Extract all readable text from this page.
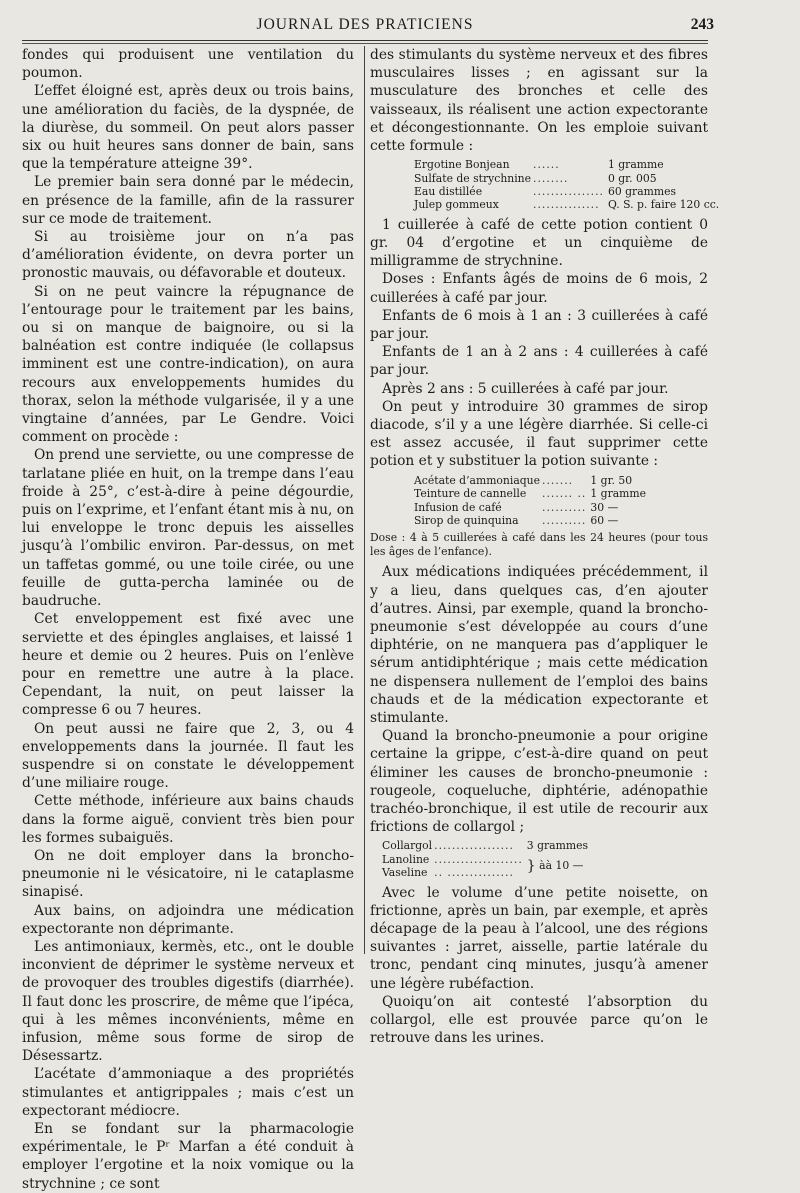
JOURNAL DES PRATICIENS	243

fondes qui produisent une ventilation du poumon.

L’effet éloigné est, après deux ou trois bains, une amélioration du faciès, de la dyspnée, de la diurèse, du sommeil. On peut alors passer six ou huit heures sans donner de bain, sans que la température atteigne 39°.

Le premier bain sera donné par le médecin, en présence de la famille, afin de la rassurer sur ce mode de traitement.

Si au troisième jour on n’a pas d’amélioration évidente, on devra porter un pronostic mauvais, ou défavorable et douteux.

Si on ne peut vaincre la répugnance de l’entourage pour le traitement par les bains, ou si on manque de baignoire, ou si la balnéation est contre indiquée (le collapsus imminent est une contre-indication), on aura recours aux enveloppements humides du thorax, selon la méthode vulgarisée, il y a une vingtaine d’années, par Le Gendre. Voici comment on procède :

On prend une serviette, ou une compresse de tarlatane pliée en huit, on la trempe dans l’eau froide à 25°, c’est-à-dire à peine dégourdie, puis on l’exprime, et l’enfant étant mis à nu, on lui enveloppe le tronc depuis les aisselles jusqu’à l’ombilic environ. Par-dessus, on met un taffetas gommé, ou une toile cirée, ou une feuille de gutta-percha laminée ou de baudruche.

Cet enveloppement est fixé avec une serviette et des épingles anglaises, et laissé 1 heure et demie ou 2 heures. Puis on l’enlève pour en remettre une autre à la place. Cependant, la nuit, on peut laisser la compresse 6 ou 7 heures.

On peut aussi ne faire que 2, 3, ou 4 enveloppements dans la journée. Il faut les suspendre si on constate le développement d’une miliaire rouge.

Cette méthode, inférieure aux bains chauds dans la forme aiguë, convient très bien pour les formes subaiguës.

On ne doit employer dans la broncho-pneumonie ni le vésicatoire, ni le cataplasme sinapisé.

Aux bains, on adjoindra une médication expectorante non déprimante.

Les antimoniaux, kermès, etc., ont le double inconvient de déprimer le système nerveux et de provoquer des troubles digestifs (diarrhée). Il faut donc les proscrire, de même que l’ipéca, qui à les mêmes inconvénients, même en infusion, même sous forme de sirop de Désessartz.

L’acétate d’ammoniaque a des propriétés stimulantes et antigrippales ; mais c’est un expectorant médiocre.

En se fondant sur la pharmacologie expérimentale, le Pʳ Marfan a été conduit à employer l’ergotine et la noix vomique ou la strychnine ; ce sont

des stimulants du système nerveux et des fibres musculaires lisses ; en agissant sur la musculature des bronches et celle des vaisseaux, ils réalisent une action expectorante et décongestionnante. On les emploie suivant cette formule :

Ergotine Bonjean	......	1 gramme
Sulfate de strychnine	........	0 gr. 005
Eau distillée	................	60 grammes
Julep gommeux	...............	Q. S. p. faire 120 cc.

1 cuillerée à café de cette potion contient 0 gr. 04 d’ergotine et un cinquième de milligramme de strychnine.

Doses : Enfants âgés de moins de 6 mois, 2 cuillerées à café par jour.

Enfants de 6 mois à 1 an : 3 cuillerées à café par jour.

Enfants de 1 an à 2 ans : 4 cuillerées à café par jour.

Après 2 ans : 5 cuillerées à café par jour.

On peut y introduire 30 grammes de sirop diacode, s’il y a une légère diarrhée. Si celle-ci est assez accusée, il faut supprimer cette potion et y substituer la potion suivante :

Acétate d’ammoniaque	.......	1 gr. 50
Teinture de cannelle	....... ..	1 gramme
Infusion de café	..........	30 —
Sirop de quinquina	..........	60 —

Dose : 4 à 5 cuillerées à café dans les 24 heures (pour tous les âges de l’enfance).

Aux médications indiquées précédemment, il y a lieu, dans quelques cas, d’en ajouter d’autres. Ainsi, par exemple, quand la broncho-pneumonie s’est développée au cours d’une diphtérie, on ne manquera pas d’appliquer le sérum antidiphtérique ; mais cette médication ne dispensera nullement de l’emploi des bains chauds et de la médication expectorante et stimulante.

Quand la broncho-pneumonie a pour origine certaine la grippe, c’est-à-dire quand on peut éliminer les causes de broncho-pneumonie : rougeole, coqueluche, diphtérie, adénopathie trachéo-bronchique, il est utile de recourir aux frictions de collargol ;

Collargol	..................	3 grammes
Lanoline	....................	} àà 10 —
Vaseline	.. ...............	

Avec le volume d’une petite noisette, on frictionne, après un bain, par exemple, et après décapage de la peau à l’alcool, une des régions suivantes : jarret, aisselle, partie latérale du tronc, pendant cinq minutes, jusqu’à amener une légère rubéfaction.

Quoiqu’on ait contesté l’absorption du collargol, elle est prouvée parce qu’on le retrouve dans les urines.
